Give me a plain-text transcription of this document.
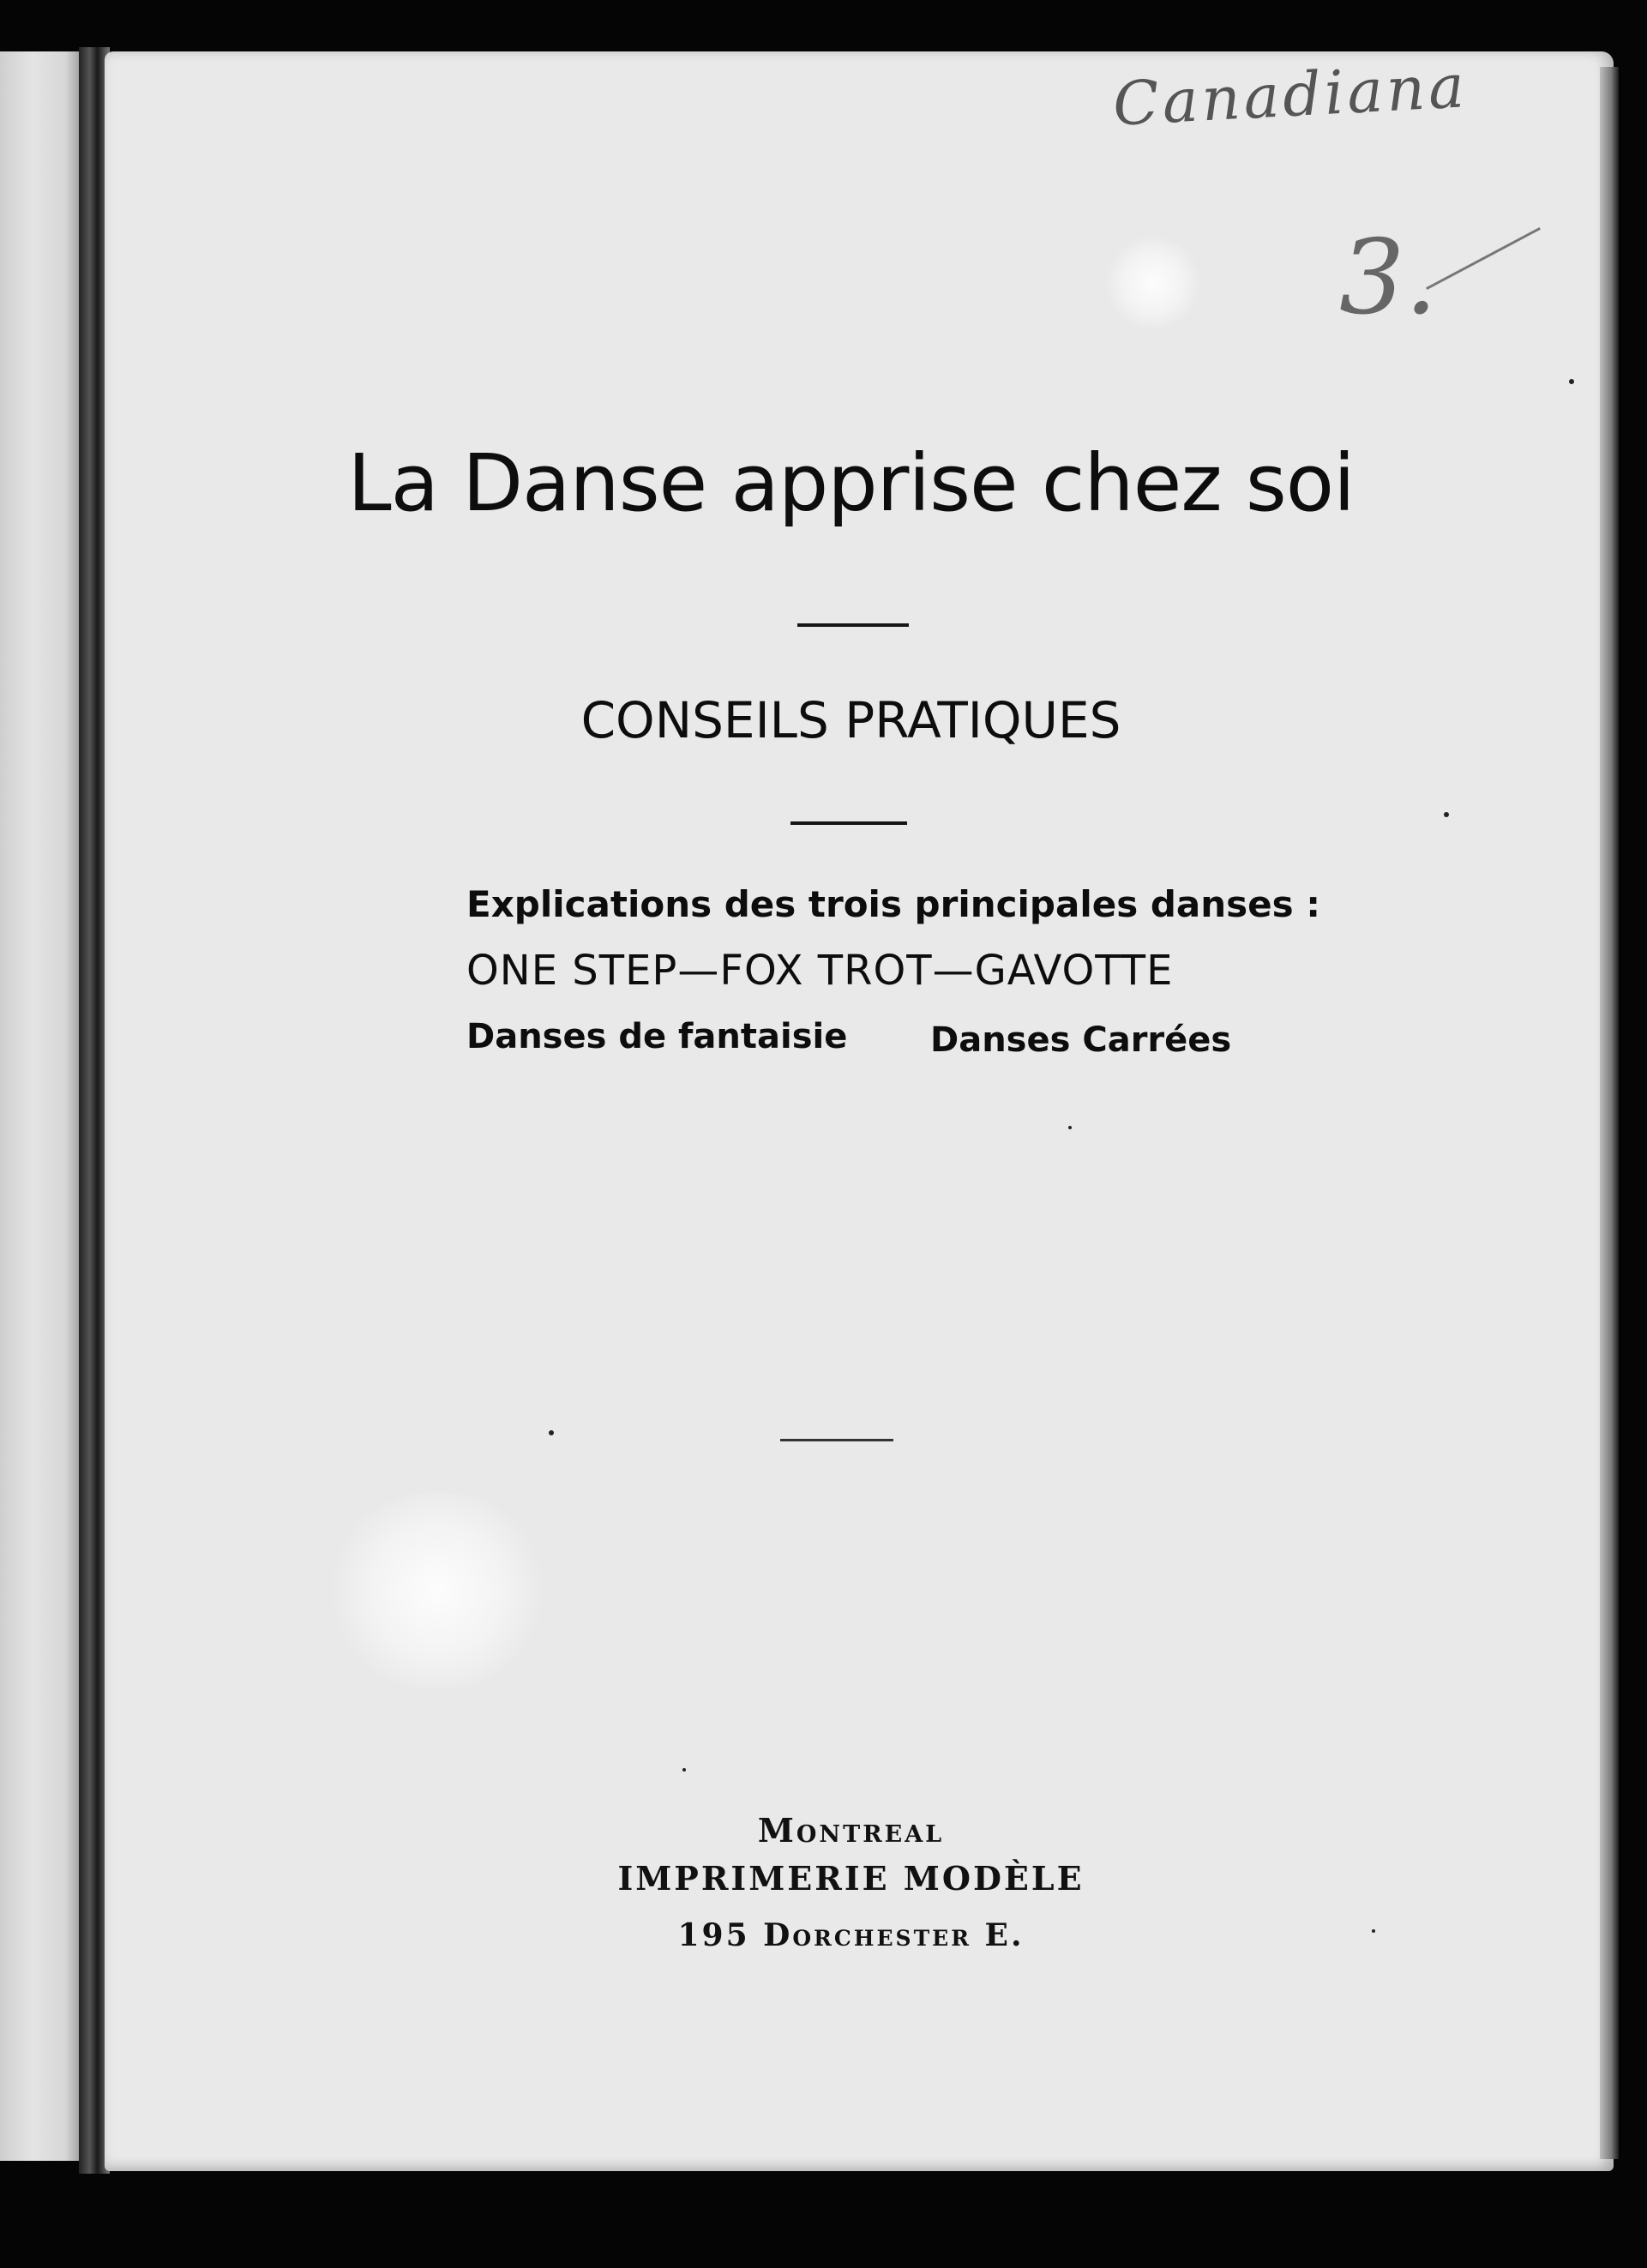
Canadiana
3.
La Danse apprise chez soi
CONSEILS PRATIQUES
Explications des trois principales danses :
ONE STEP—FOX TROT—GAVOTTE
Danses de fantaisie Danses Carrées
Montreal
IMPRIMERIE MODÈLE
195 Dorchester E.
